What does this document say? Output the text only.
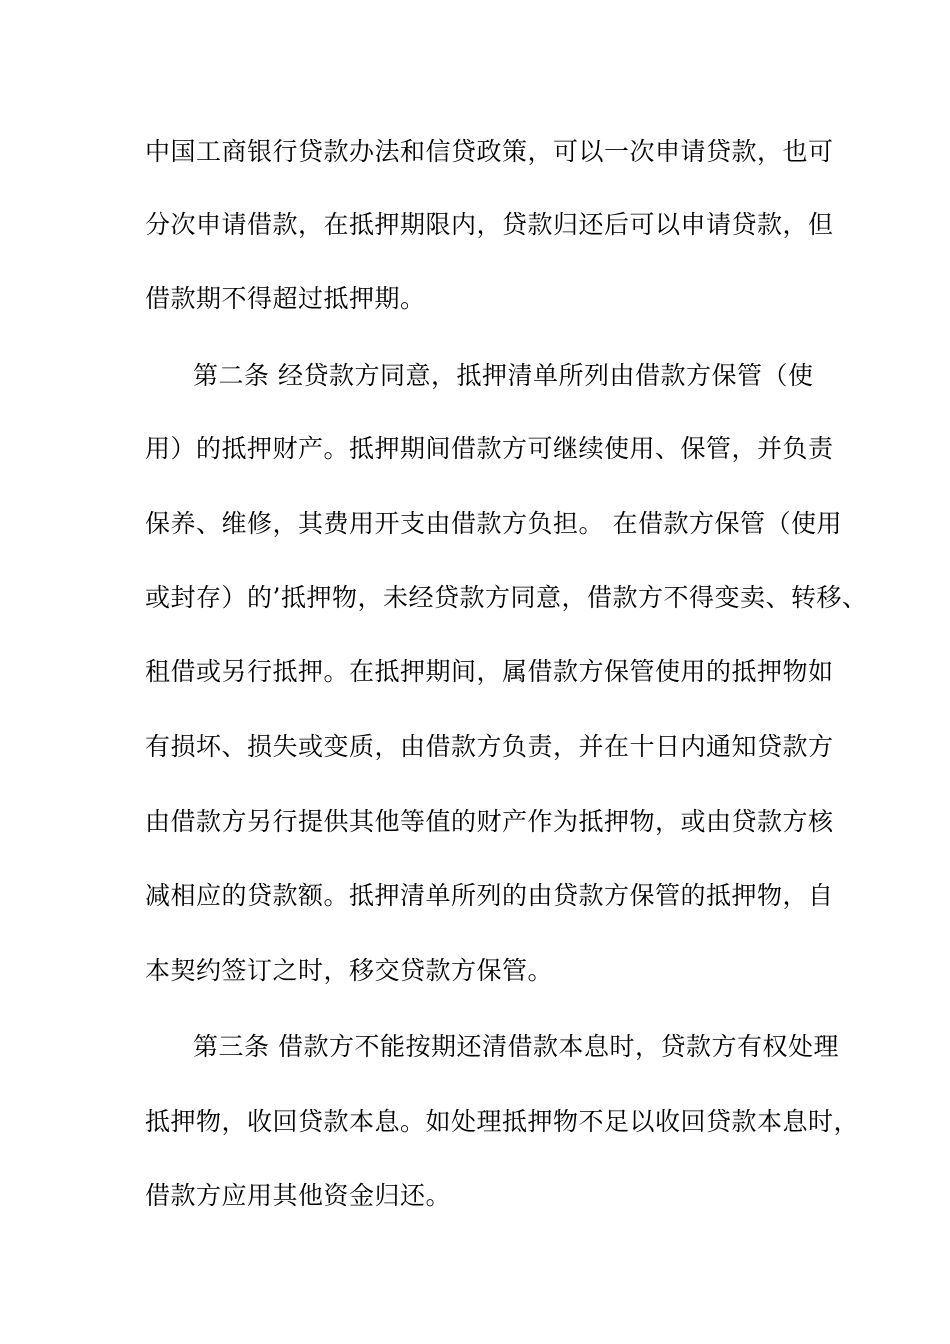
中国工商银行贷款办法和信贷政策，可以一次申请贷款，也可
分次申请借款，在抵押期限内，贷款归还后可以申请贷款，但
借款期不得超过抵押期。
第二条 经贷款方同意，抵押清单所列由借款方保管（使
用）的抵押财产。抵押期间借款方可继续使用、保管，并负责
保养、维修，其费用开支由借款方负担。 在借款方保管（使用
或封存）的’抵押物，未经贷款方同意，借款方不得变卖、转移、
租借或另行抵押。在抵押期间，属借款方保管使用的抵押物如
有损坏、损失或变质，由借款方负责，并在十日内通知贷款方
由借款方另行提供其他等值的财产作为抵押物，或由贷款方核
减相应的贷款额。抵押清单所列的由贷款方保管的抵押物，自
本契约签订之时，移交贷款方保管。
第三条 借款方不能按期还清借款本息时，贷款方有权处理
抵押物，收回贷款本息。如处理抵押物不足以收回贷款本息时，
借款方应用其他资金归还。
